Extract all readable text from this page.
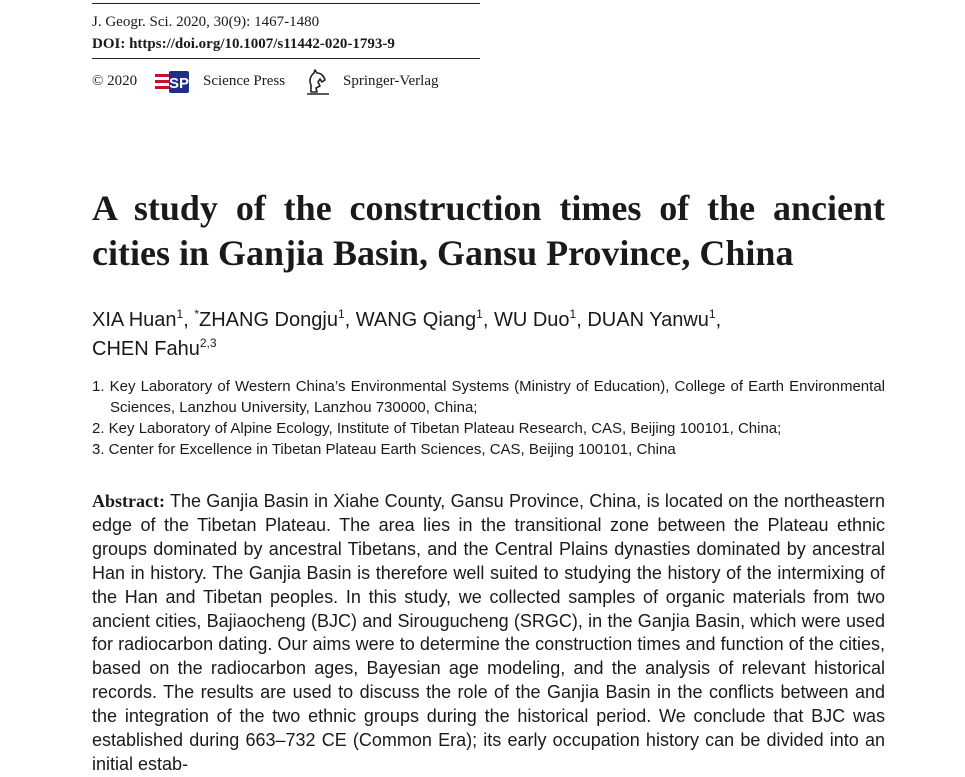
J. Geogr. Sci. 2020, 30(9): 1467-1480
DOI: https://doi.org/10.1007/s11442-020-1793-9
© 2020 SP Science Press	Springer-Verlag
A study of the construction times of the ancient cities in Ganjia Basin, Gansu Province, China
XIA Huan$^1$, *ZHANG Dongju$^1$, WANG Qiang$^1$, WU Duo$^1$, DUAN Yanwu$^1$,
CHEN Fahu$^{2,3}$
1. Key Laboratory of Western China’s Environmental Systems (Ministry of Education), College of Earth Environmental Sciences, Lanzhou University, Lanzhou 730000, China;
2. Key Laboratory of Alpine Ecology, Institute of Tibetan Plateau Research, CAS, Beijing 100101, China;
3. Center for Excellence in Tibetan Plateau Earth Sciences, CAS, Beijing 100101, China

Abstract: The Ganjia Basin in Xiahe County, Gansu Province, China, is located on the northeastern edge of the Tibetan Plateau. The area lies in the transitional zone between the Plateau ethnic groups dominated by ancestral Tibetans, and the Central Plains dynasties dominated by ancestral Han in history. The Ganjia Basin is therefore well suited to studying the history of the intermixing of the Han and Tibetan peoples. In this study, we collected samples of organic materials from two ancient cities, Bajiaocheng (BJC) and Sirougucheng (SRGC), in the Ganjia Basin, which were used for radiocarbon dating. Our aims were to determine the construction times and function of the cities, based on the radiocarbon ages, Bayesian age modeling, and the analysis of relevant historical records. The results are used to discuss the role of the Ganjia Basin in the conflicts between and the integration of the two ethnic groups during the historical period. We conclude that BJC was established during 663–732 CE (Common Era); its early occupation history can be divided into an initial estab-
